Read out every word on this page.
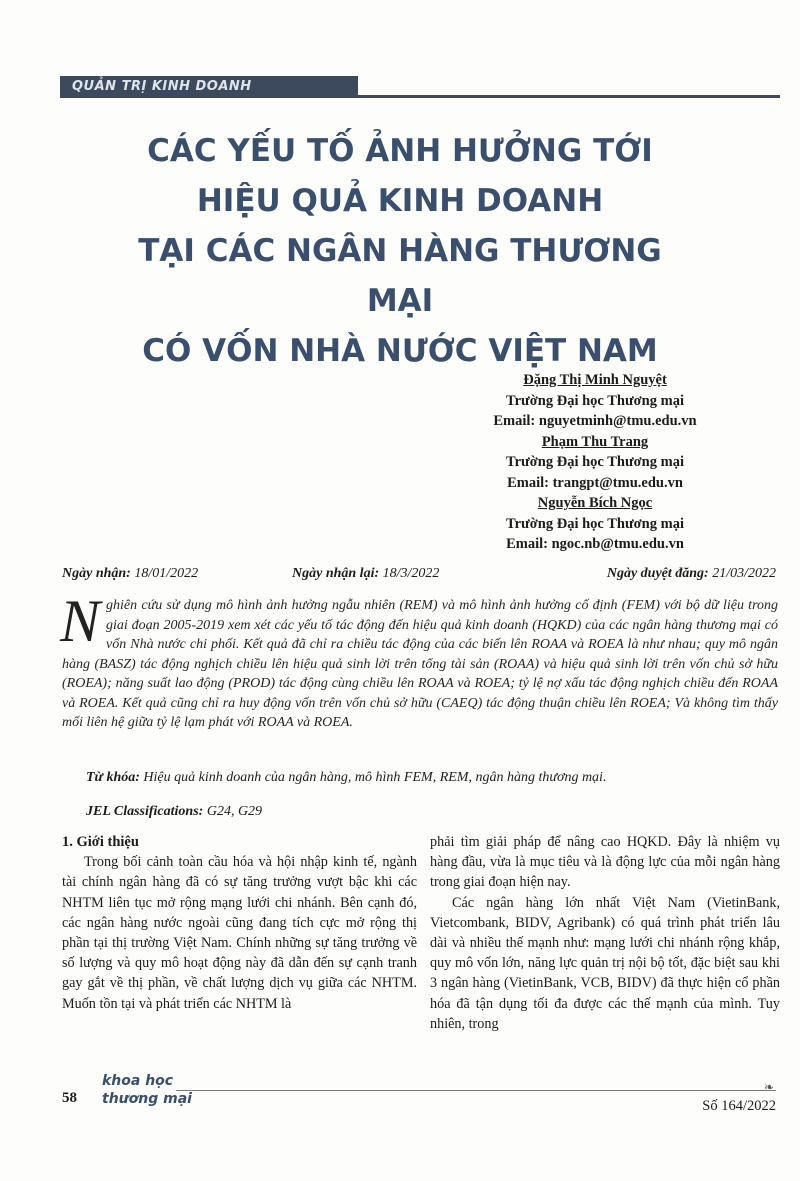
QUẢN TRỊ KINH DOANH
CÁC YẾU TỐ ẢNH HƯỞNG TỚI
HIỆU QUẢ KINH DOANH
TẠI CÁC NGÂN HÀNG THƯƠNG MẠI
CÓ VỐN NHÀ NƯỚC VIỆT NAM
Đặng Thị Minh Nguyệt
Trường Đại học Thương mại
Email: nguyetminh@tmu.edu.vn
Phạm Thu Trang
Trường Đại học Thương mại
Email: trangpt@tmu.edu.vn
Nguyễn Bích Ngọc
Trường Đại học Thương mại
Email: ngoc.nb@tmu.edu.vn
Ngày nhận: 18/01/2022	Ngày nhận lại: 18/3/2022	Ngày duyệt đăng: 21/03/2022

Nghiên cứu sử dụng mô hình ảnh hưởng ngẫu nhiên (REM) và mô hình ảnh hưởng cố định (FEM) với bộ dữ liệu trong giai đoạn 2005-2019 xem xét các yếu tố tác động đến hiệu quả kinh doanh (HQKD) của các ngân hàng thương mại có vốn Nhà nước chi phối. Kết quả đã chỉ ra chiều tác động của các biến lên ROAA và ROEA là như nhau; quy mô ngân hàng (BASZ) tác động nghịch chiều lên hiệu quả sinh lời trên tổng tài sản (ROAA) và hiệu quả sinh lời trên vốn chủ sở hữu (ROEA); năng suất lao động (PROD) tác động cùng chiều lên ROAA và ROEA; tỷ lệ nợ xấu tác động nghịch chiều đến ROAA và ROEA. Kết quả cũng chỉ ra huy động vốn trên vốn chủ sở hữu (CAEQ) tác động thuận chiều lên ROEA; Và không tìm thấy mối liên hệ giữa tỷ lệ lạm phát với ROAA và ROEA.

Từ khóa: Hiệu quả kinh doanh của ngân hàng, mô hình FEM, REM, ngân hàng thương mại.

JEL Classifications: G24, G29

1. Giới thiệu

Trong bối cảnh toàn cầu hóa và hội nhập kinh tế, ngành tài chính ngân hàng đã có sự tăng trưởng vượt bậc khi các NHTM liên tục mở rộng mạng lưới chi nhánh. Bên cạnh đó, các ngân hàng nước ngoài cũng đang tích cực mở rộng thị phần tại thị trường Việt Nam. Chính những sự tăng trưởng về số lượng và quy mô hoạt động này đã dẫn đến sự cạnh tranh gay gắt về thị phần, về chất lượng dịch vụ giữa các NHTM. Muốn tồn tại và phát triển các NHTM là

phải tìm giải pháp để nâng cao HQKD. Đây là nhiệm vụ hàng đầu, vừa là mục tiêu và là động lực của mỗi ngân hàng trong giai đoạn hiện nay.

Các ngân hàng lớn nhất Việt Nam (VietinBank, Vietcombank, BIDV, Agribank) có quá trình phát triển lâu dài và nhiều thế mạnh như: mạng lưới chi nhánh rộng khắp, quy mô vốn lớn, năng lực quản trị nội bộ tốt, đặc biệt sau khi 3 ngân hàng (VietinBank, VCB, BIDV) đã thực hiện cổ phần hóa đã tận dụng tối đa được các thế mạnh của mình. Tuy nhiên, trong

58
khoa học
thương mại
❧
Số 164/2022
